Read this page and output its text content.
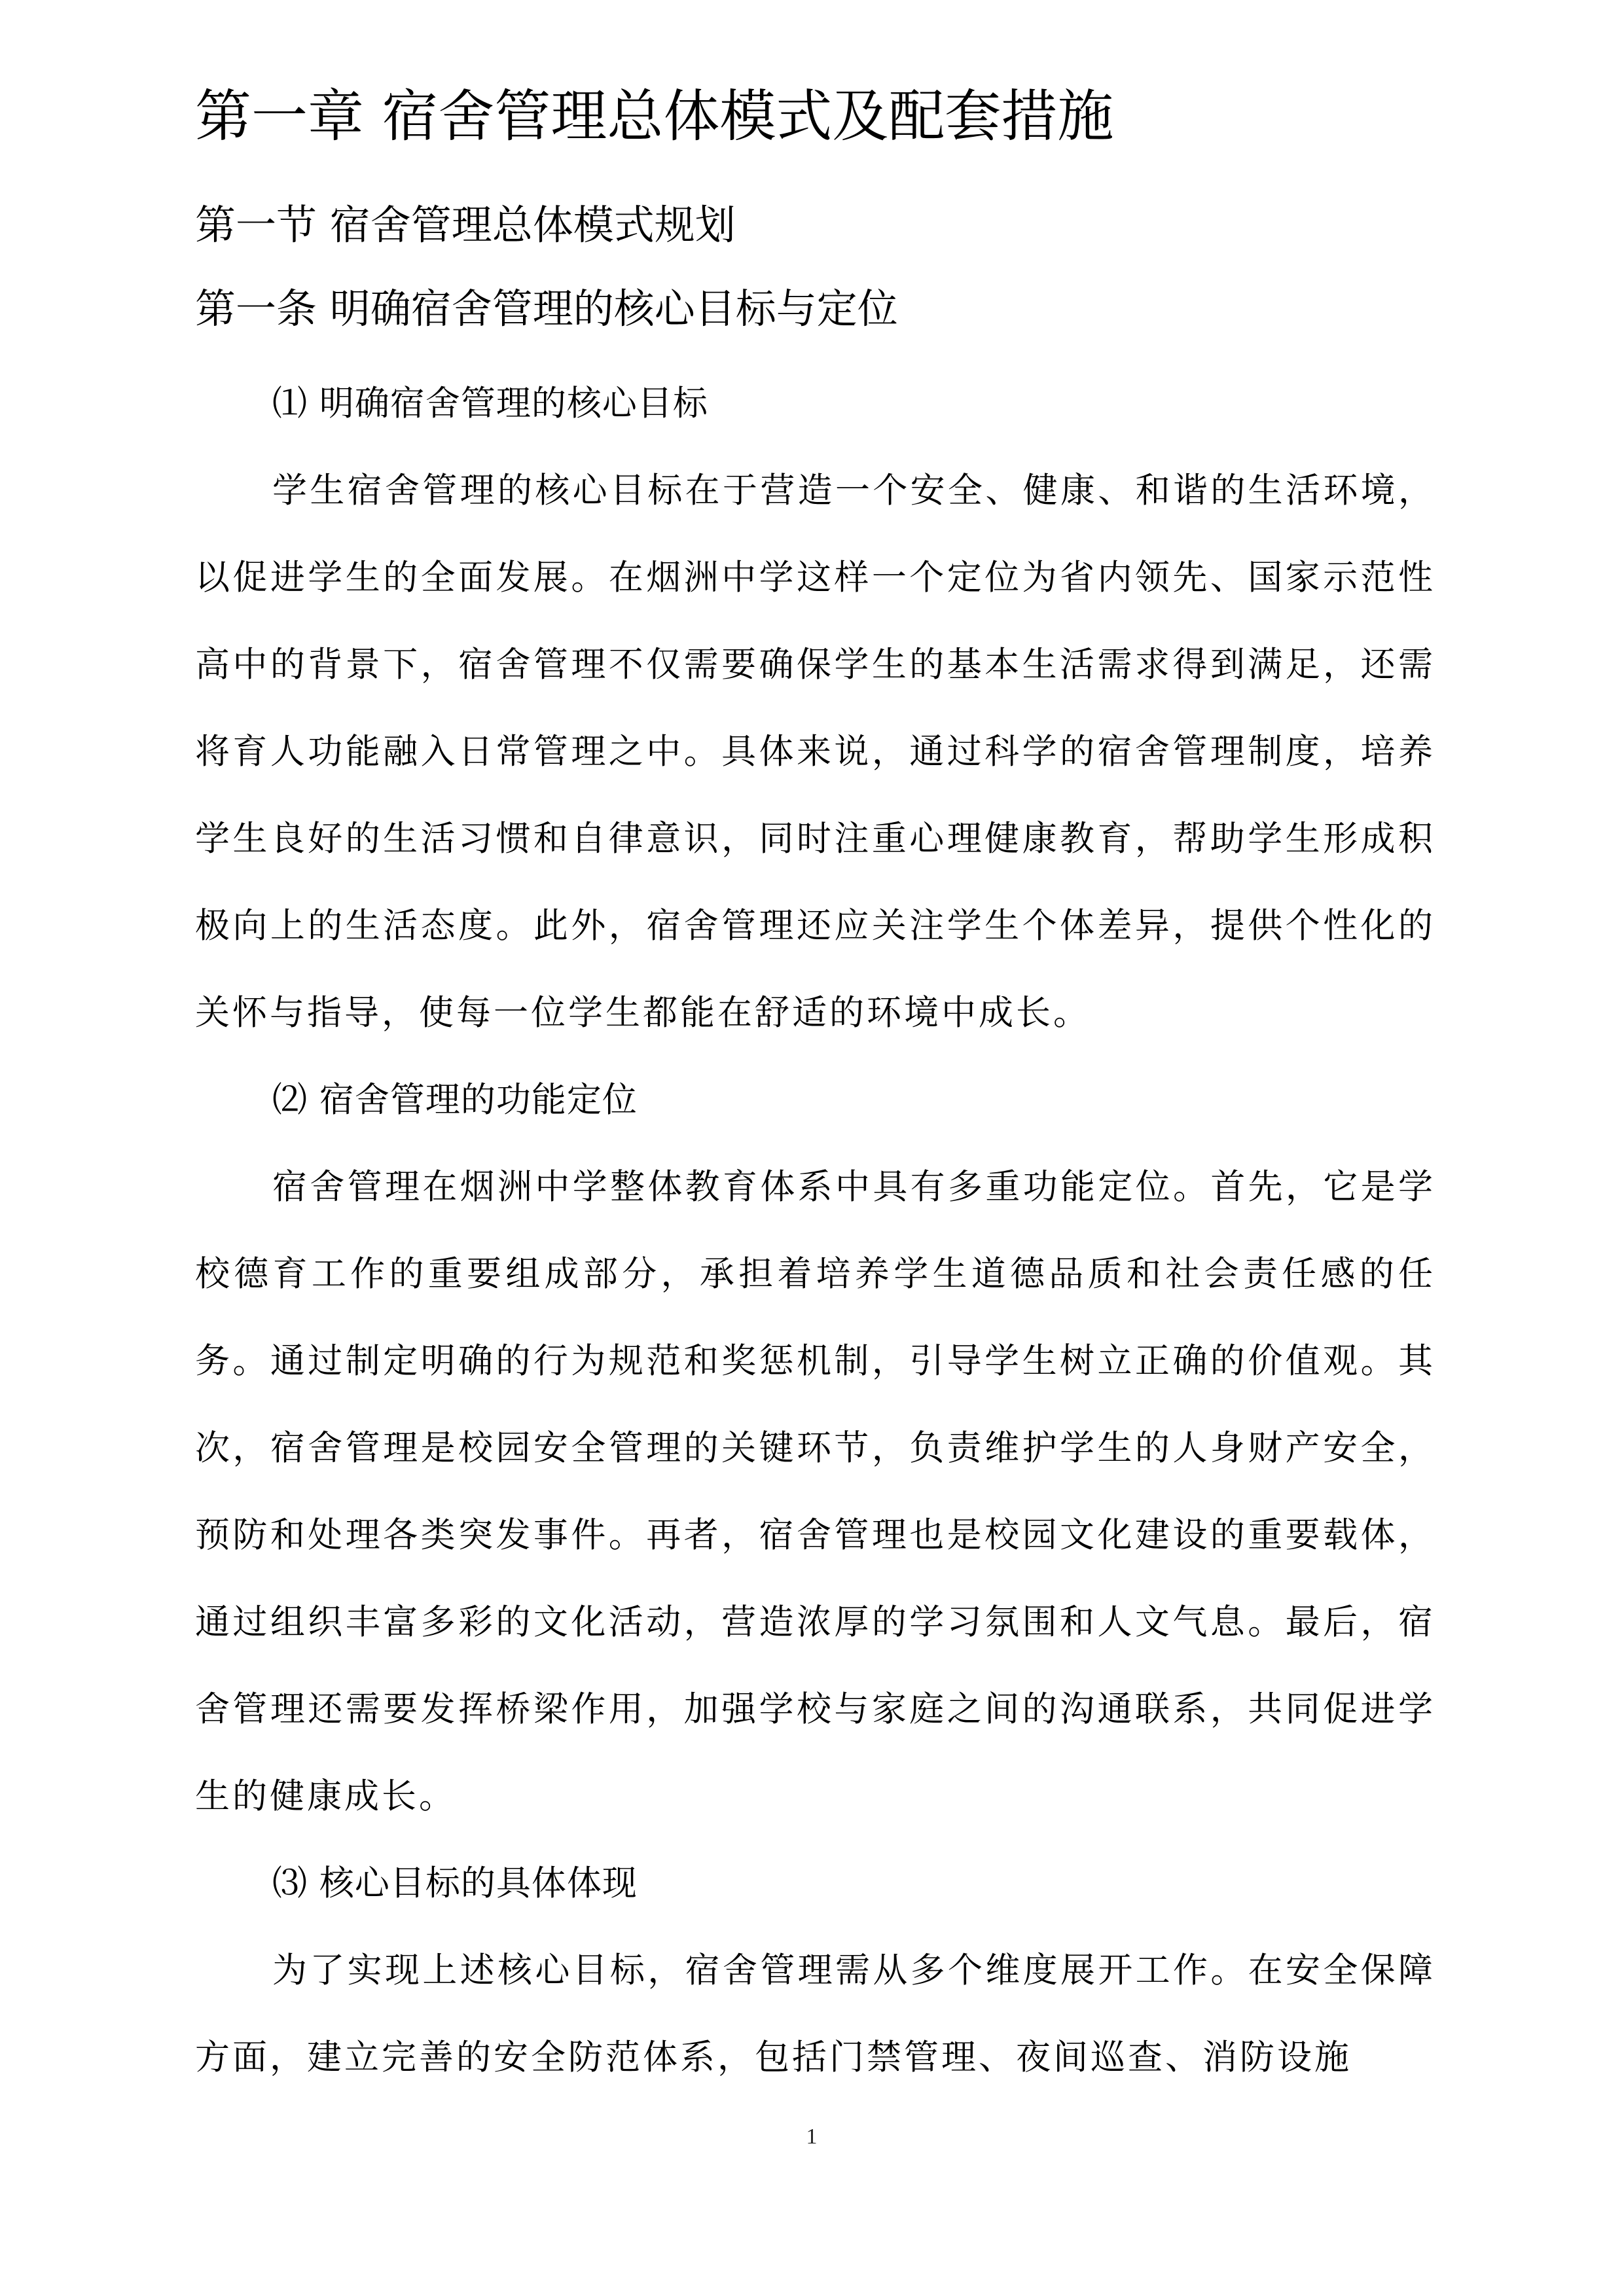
第一章 宿舍管理总体模式及配套措施
第一节 宿舍管理总体模式规划
第一条 明确宿舍管理的核心目标与定位

⑴ 明确宿舍管理的核心目标

学生宿舍管理的核心目标在于营造一个安全、健康、和谐的生活环境，以促进学生的全面发展。在烟洲中学这样一个定位为省内领先、国家示范性高中的背景下，宿舍管理不仅需要确保学生的基本生活需求得到满足，还需将育人功能融入日常管理之中。具体来说，通过科学的宿舍管理制度，培养学生良好的生活习惯和自律意识，同时注重心理健康教育，帮助学生形成积极向上的生活态度。此外，宿舍管理还应关注学生个体差异，提供个性化的关怀与指导，使每一位学生都能在舒适的环境中成长。

⑵ 宿舍管理的功能定位

宿舍管理在烟洲中学整体教育体系中具有多重功能定位。首先，它是学校德育工作的重要组成部分，承担着培养学生道德品质和社会责任感的任务。通过制定明确的行为规范和奖惩机制，引导学生树立正确的价值观。其次，宿舍管理是校园安全管理的关键环节，负责维护学生的人身财产安全，预防和处理各类突发事件。再者，宿舍管理也是校园文化建设的重要载体，通过组织丰富多彩的文化活动，营造浓厚的学习氛围和人文气息。最后，宿舍管理还需要发挥桥梁作用，加强学校与家庭之间的沟通联系，共同促进学生的健康成长。

⑶ 核心目标的具体体现

为了实现上述核心目标，宿舍管理需从多个维度展开工作。在安全保障方面，建立完善的安全防范体系，包括门禁管理、夜间巡查、消防设施

1
